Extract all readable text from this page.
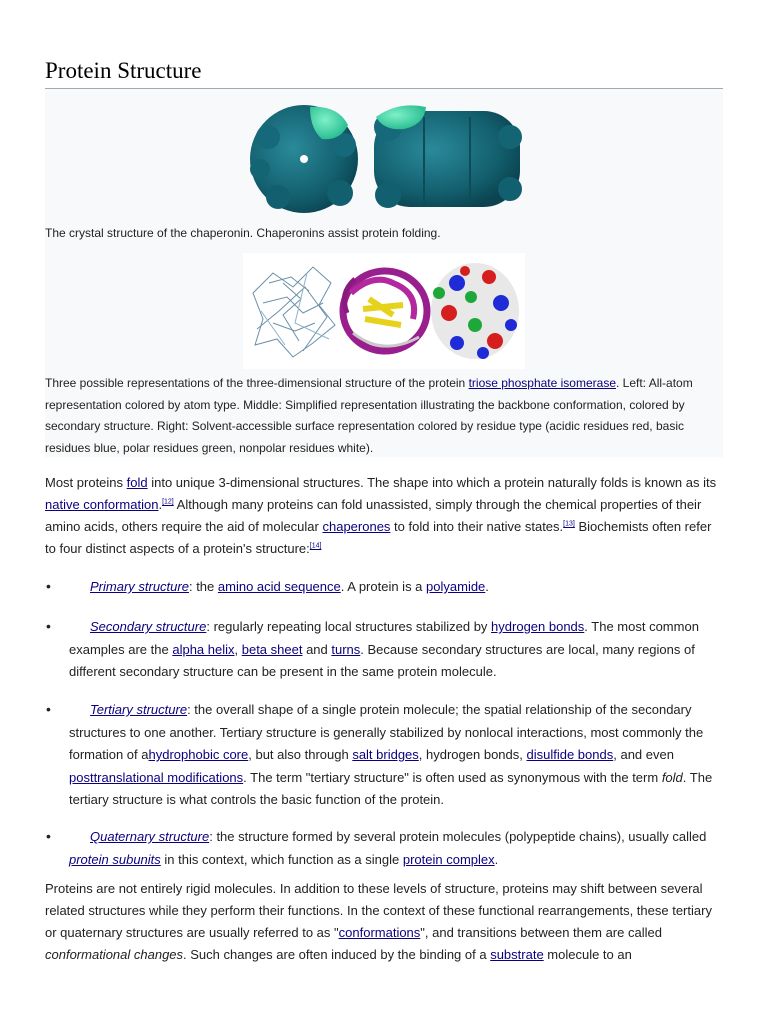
Protein Structure
The crystal structure of the chaperonin. Chaperonins assist protein folding.
Three possible representations of the three-dimensional structure of the protein triose phosphate isomerase. Left: All-atom representation colored by atom type. Middle: Simplified representation illustrating the backbone conformation, colored by secondary structure. Right: Solvent-accessible surface representation colored by residue type (acidic residues red, basic residues blue, polar residues green, nonpolar residues white).
Most proteins fold into unique 3-dimensional structures. The shape into which a protein naturally folds is known as its native conformation.[12] Although many proteins can fold unassisted, simply through the chemical properties of their amino acids, others require the aid of molecular chaperones to fold into their native states.[13] Biochemists often refer to four distinct aspects of a protein's structure:[14]
•	Primary structure: the amino acid sequence. A protein is a polyamide.
•	Secondary structure: regularly repeating local structures stabilized by hydrogen bonds. The most common examples are the alpha helix, beta sheet and turns. Because secondary structures are local, many regions of different secondary structure can be present in the same protein molecule.
•	Tertiary structure: the overall shape of a single protein molecule; the spatial relationship of the secondary structures to one another. Tertiary structure is generally stabilized by nonlocal interactions, most commonly the formation of ahydrophobic core, but also through salt bridges, hydrogen bonds, disulfide bonds, and even posttranslational modifications. The term "tertiary structure" is often used as synonymous with the term fold. The tertiary structure is what controls the basic function of the protein.
•	Quaternary structure: the structure formed by several protein molecules (polypeptide chains), usually called protein subunits in this context, which function as a single protein complex.
Proteins are not entirely rigid molecules. In addition to these levels of structure, proteins may shift between several related structures while they perform their functions. In the context of these functional rearrangements, these tertiary or quaternary structures are usually referred to as "conformations", and transitions between them are called conformational changes. Such changes are often induced by the binding of a substrate molecule to an
